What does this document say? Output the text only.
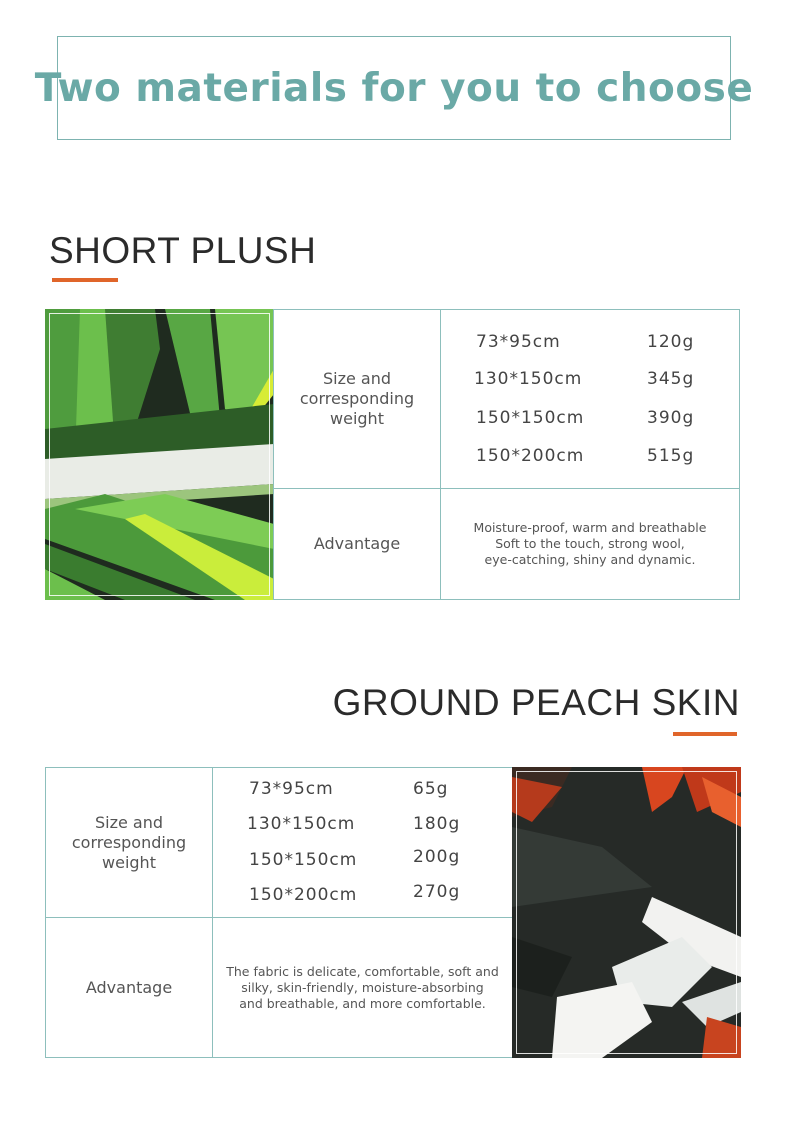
Two materials for you to choose
SHORT PLUSH
Size and
corresponding
weight
73*95cm	120g
130*150cm	345g
150*150cm	390g
150*200cm	515g
Advantage
Moisture-proof, warm and breathable
Soft to the touch, strong wool,
eye-catching, shiny and dynamic.
GROUND PEACH SKIN
Size and
corresponding
weight
73*95cm	65g
130*150cm	180g
150*150cm	200g
150*200cm	270g
Advantage
The fabric is delicate, comfortable, soft and
silky, skin-friendly, moisture-absorbing
and breathable, and more comfortable.
